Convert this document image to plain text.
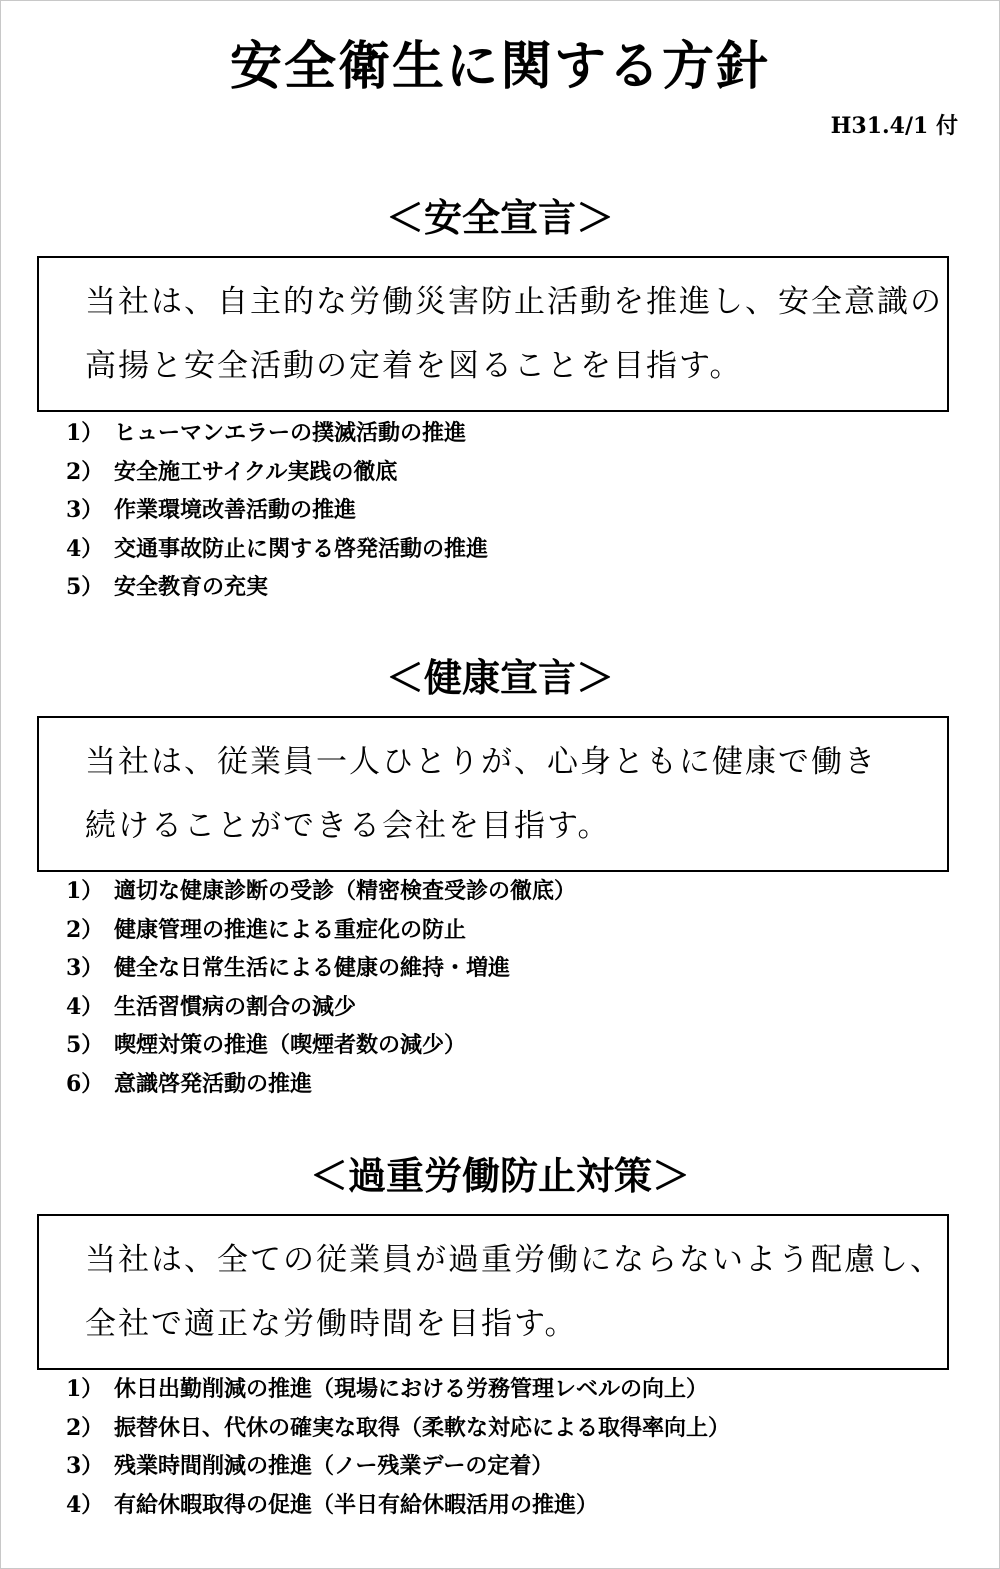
安全衛生に関する方針
H31.4/1 付
＜安全宣言＞
当社は、自主的な労働災害防止活動を推進し、安全意識の
高揚と安全活動の定着を図ることを目指す。
1） ヒューマンエラーの撲滅活動の推進
2） 安全施工サイクル実践の徹底
3） 作業環境改善活動の推進
4） 交通事故防止に関する啓発活動の推進
5） 安全教育の充実
＜健康宣言＞
当社は、従業員一人ひとりが、心身ともに健康で働き
続けることができる会社を目指す。
1） 適切な健康診断の受診（精密検査受診の徹底）
2） 健康管理の推進による重症化の防止
3） 健全な日常生活による健康の維持・増進
4） 生活習慣病の割合の減少
5） 喫煙対策の推進（喫煙者数の減少）
6） 意識啓発活動の推進
＜過重労働防止対策＞
当社は、全ての従業員が過重労働にならないよう配慮し、
全社で適正な労働時間を目指す。
1） 休日出勤削減の推進（現場における労務管理レベルの向上）
2） 振替休日、代休の確実な取得（柔軟な対応による取得率向上）
3） 残業時間削減の推進（ノー残業デーの定着）
4） 有給休暇取得の促進（半日有給休暇活用の推進）
